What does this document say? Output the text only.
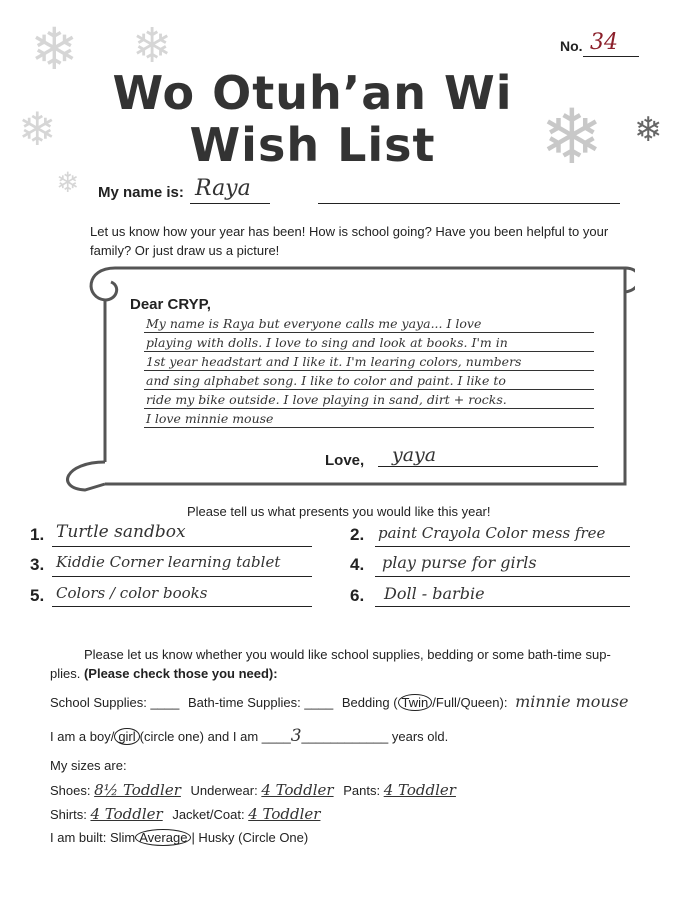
❄ ❄
❄
❄
❄ ❄
No. 34
Wo Otuh’an Wi
Wish List
My name is: Raya
Let us know how your year has been! How is school going? Have you been helpful to your family? Or just draw us a picture!
Dear CRYP,
My name is Raya but everyone calls me yaya... I love
playing with dolls. I love to sing and look at books. I'm in
1st year headstart and I like it. I'm learing colors, numbers
and sing alphabet song. I like to color and paint. I like to
ride my bike outside. I love playing in sand, dirt + rocks.
I love minnie mouse
Love, yaya
Please tell us what presents you would like this year!
1. Turtle sandbox	2. paint Crayola Color mess free
3. Kiddie Corner learning tablet	4. play purse for girls
5. Colors / color books	6. Doll - barbie
Please let us know whether you would like school supplies, bedding or some bath-time sup-
plies. (Please check those you need):
School Supplies: ____ Bath-time Supplies: ____ Bedding ( Twin /Full/Queen): minnie mouse
I am a boy/ girl (circle one) and I am ____3____________ years old.
My sizes are:
Shoes: 8½ Toddler Underwear: 4 Toddler Pants: 4 Toddler
Shirts: 4 Toddler Jacket/Coat: 4 Toddler
I am built: Slim Average | Husky (Circle One)
